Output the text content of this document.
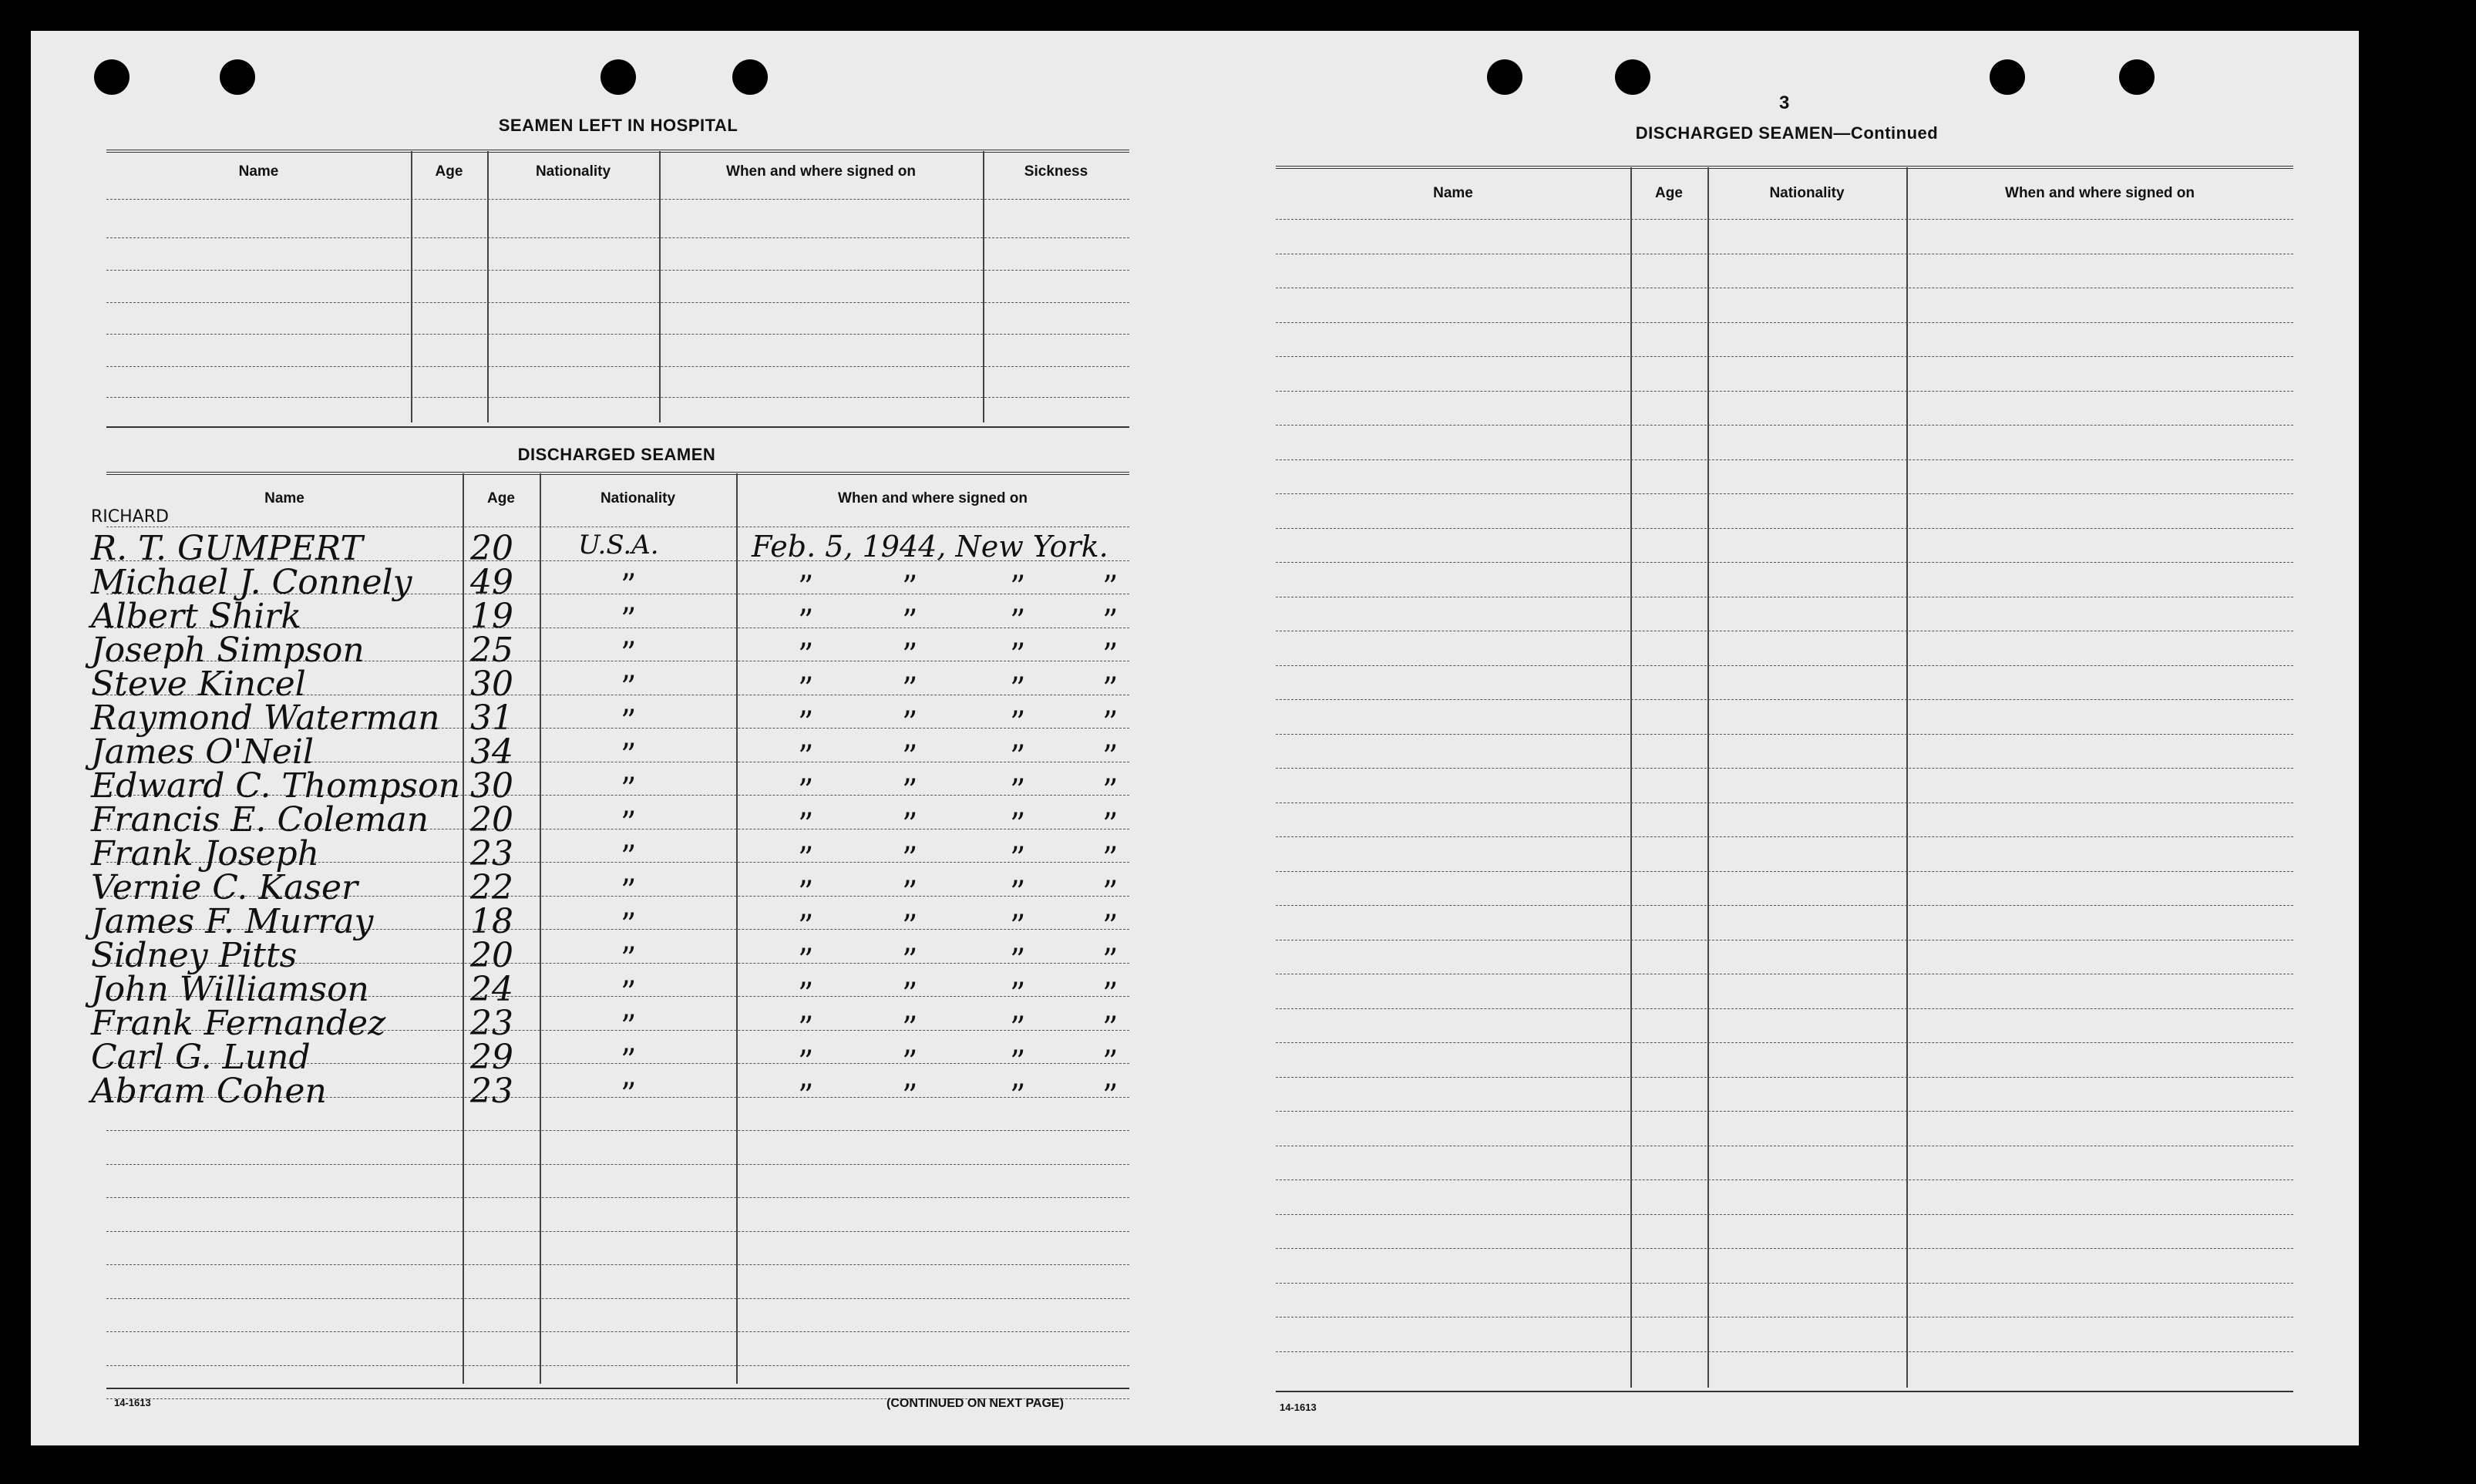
SEAMEN LEFT IN HOSPITAL
Name	Age	Nationality	When and where signed on	Sickness
DISCHARGED SEAMEN
Name	Age	Nationality	When and where signed on
RICHARD
R. T. GUMPERT	20 U.S.A.	Feb. 5, 1944, New York.
Michael J. Connely 49	”	”	”	” ”
Albert Shirk	19	”	”	”	” ”
Joseph Simpson	25	”	”	”	” ”
Steve Kincel	30	”	”	”	” ”
Raymond Waterman 31	”	”	”	” ”
James O'Neil	34	”	”	”	” ”
Edward C. Thompson 30	”	”	”	” ”
Francis E. Coleman 20	”	”	”	” ”
Frank Joseph	23	”	”	”	” ”
Vernie C. Kaser	22	”	”	”	” ”
James F. Murray	18	”	”	”	” ”
Sidney Pitts	20	”	”	”	” ”
John Williamson	24	”	”	”	” ”
Frank Fernandez 23	”	”	”	” ”
Carl G. Lund	29	”	”	”	” ”
Abram Cohen	23	”	”	”	” ”
14-1613	(CONTINUED ON NEXT PAGE)
3
DISCHARGED SEAMEN—Continued
Name	Age	Nationality	When and where signed on
14-1613
